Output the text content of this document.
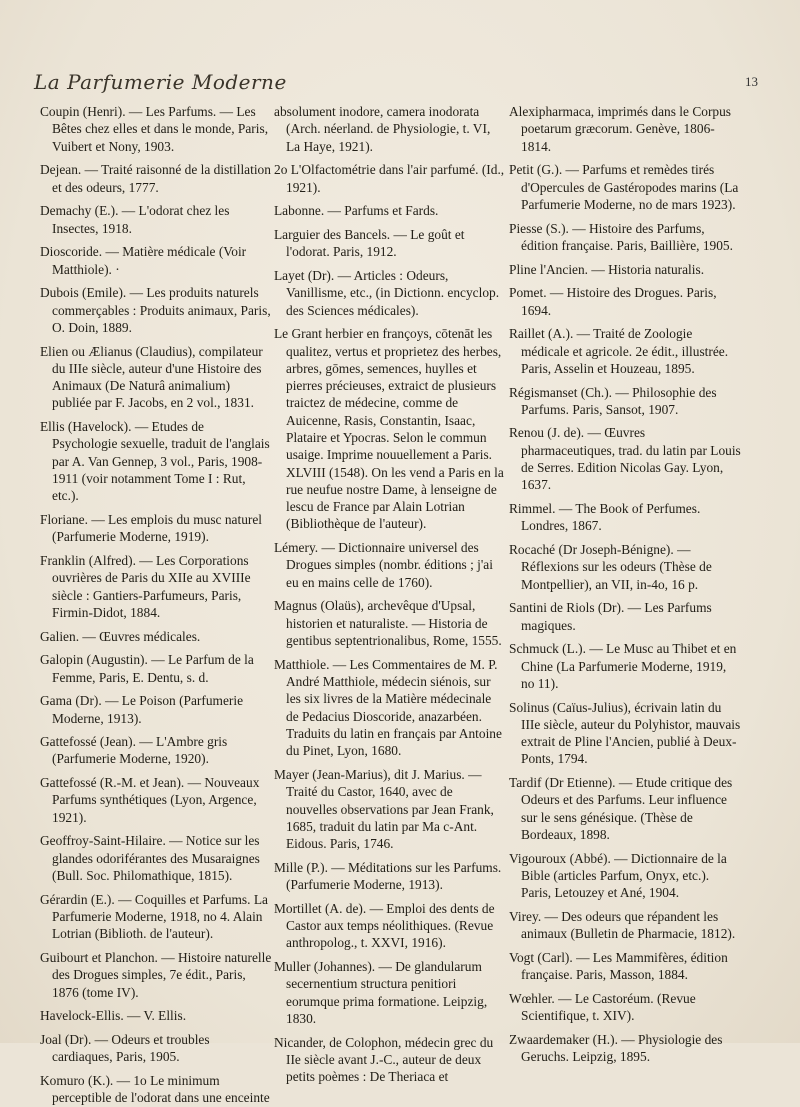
La Parfumerie Moderne	13

Coupin (Henri). — Les Parfums. — Les Bêtes chez elles et dans le monde, Paris, Vuibert et Nony, 1903.

Dejean. — Traité raisonné de la distillation et des odeurs, 1777.

Demachy (E.). — L'odorat chez les Insectes, 1918.

Dioscoride. — Matière médicale (Voir Matthiole). ·

Dubois (Emile). — Les produits naturels commerçables : Produits animaux, Paris, O. Doin, 1889.

Elien ou Ælianus (Claudius), compilateur du IIIe siècle, auteur d'une Histoire des Animaux (De Naturâ animalium) publiée par F. Jacobs, en 2 vol., 1831.

Ellis (Havelock). — Etudes de Psychologie sexuelle, traduit de l'anglais par A. Van Gennep, 3 vol., Paris, 1908-1911 (voir notamment Tome I : Rut, etc.).

Floriane. — Les emplois du musc naturel (Parfumerie Moderne, 1919).

Franklin (Alfred). — Les Corporations ouvrières de Paris du XIIe au XVIIIe siècle : Gantiers-Parfumeurs, Paris, Firmin-Didot, 1884.

Galien. — Œuvres médicales.

Galopin (Augustin). — Le Parfum de la Femme, Paris, E. Dentu, s. d.

Gama (Dr). — Le Poison (Parfumerie Moderne, 1913).

Gattefossé (Jean). — L'Ambre gris (Parfumerie Moderne, 1920).

Gattefossé (R.-M. et Jean). — Nouveaux Parfums synthétiques (Lyon, Argence, 1921).

Geoffroy-Saint-Hilaire. — Notice sur les glandes odoriférantes des Musaraignes (Bull. Soc. Philomathique, 1815).

Gérardin (E.). — Coquilles et Parfums. La Parfumerie Moderne, 1918, no 4. Alain Lotrian (Biblioth. de l'auteur).

Guibourt et Planchon. — Histoire naturelle des Drogues simples, 7e édit., Paris, 1876 (tome IV).

Havelock-Ellis. — V. Ellis.

Joal (Dr). — Odeurs et troubles cardiaques, Paris, 1905.

Komuro (K.). — 1o Le minimum perceptible de l'odorat dans une enceinte

absolument inodore, camera inodorata (Arch. néerland. de Physiologie, t. VI, La Haye, 1921).

2o L'Olfactométrie dans l'air parfumé. (Id., 1921).

Labonne. — Parfums et Fards.

Larguier des Bancels. — Le goût et l'odorat. Paris, 1912.

Layet (Dr). — Articles : Odeurs, Vanillisme, etc., (in Dictionn. encyclop. des Sciences médicales).

Le Grant herbier en françoys, cōtenāt les qualitez, vertus et proprietez des herbes, arbres, gōmes, semences, huylles et pierres précieuses, extraict de plusieurs traictez de médecine, comme de Auicenne, Rasis, Constantin, Isaac, Plataire et Ypocras. Selon le commun usaige. Imprime nouuellement a Paris. XLVIII (1548). On les vend a Paris en la rue neufue nostre Dame, à lenseigne de lescu de France par Alain Lotrian (Bibliothèque de l'auteur).

Lémery. — Dictionnaire universel des Drogues simples (nombr. éditions ; j'ai eu en mains celle de 1760).

Magnus (Olaüs), archevêque d'Upsal, historien et naturaliste. — Historia de gentibus septentrionalibus, Rome, 1555.

Matthiole. — Les Commentaires de M. P. André Matthiole, médecin siénois, sur les six livres de la Matière médecinale de Pedacius Dioscoride, anazarbéen. Traduits du latin en français par Antoine du Pinet, Lyon, 1680.

Mayer (Jean-Marius), dit J. Marius. — Traité du Castor, 1640, avec de nouvelles observations par Jean Frank, 1685, traduit du latin par Ma c-Ant. Eidous. Paris, 1746.

Mille (P.). — Méditations sur les Parfums. (Parfumerie Moderne, 1913).

Mortillet (A. de). — Emploi des dents de Castor aux temps néolithiques. (Revue anthropolog., t. XXVI, 1916).

Muller (Johannes). — De glandularum secernentium structura penitiori eorumque prima formatione. Leipzig, 1830.

Nicander, de Colophon, médecin grec du IIe siècle avant J.-C., auteur de deux petits poèmes : De Theriaca et

Alexipharmaca, imprimés dans le Corpus poetarum græcorum. Genève, 1806-1814.

Petit (G.). — Parfums et remèdes tirés d'Opercules de Gastéropodes marins (La Parfumerie Moderne, no de mars 1923).

Piesse (S.). — Histoire des Parfums, édition française. Paris, Baillière, 1905.

Pline l'Ancien. — Historia naturalis.

Pomet. — Histoire des Drogues. Paris, 1694.

Raillet (A.). — Traité de Zoologie médicale et agricole. 2e édit., illustrée. Paris, Asselin et Houzeau, 1895.

Régismanset (Ch.). — Philosophie des Parfums. Paris, Sansot, 1907.

Renou (J. de). — Œuvres pharmaceutiques, trad. du latin par Louis de Serres. Edition Nicolas Gay. Lyon, 1637.

Rimmel. — The Book of Perfumes. Londres, 1867.

Rocaché (Dr Joseph-Bénigne). — Réflexions sur les odeurs (Thèse de Montpellier), an VII, in-4o, 16 p.

Santini de Riols (Dr). — Les Parfums magiques.

Schmuck (L.). — Le Musc au Thibet et en Chine (La Parfumerie Moderne, 1919, no 11).

Solinus (Caïus-Julius), écrivain latin du IIIe siècle, auteur du Polyhistor, mauvais extrait de Pline l'Ancien, publié à Deux-Ponts, 1794.

Tardif (Dr Etienne). — Etude critique des Odeurs et des Parfums. Leur influence sur le sens génésique. (Thèse de Bordeaux, 1898.

Vigouroux (Abbé). — Dictionnaire de la Bible (articles Parfum, Onyx, etc.). Paris, Letouzey et Ané, 1904.

Virey. — Des odeurs que répandent les animaux (Bulletin de Pharmacie, 1812).

Vogt (Carl). — Les Mammifères, édition française. Paris, Masson, 1884.

Wœhler. — Le Castoréum. (Revue Scientifique, t. XIV).

Zwaardemaker (H.). — Physiologie des Geruchs. Leipzig, 1895.
